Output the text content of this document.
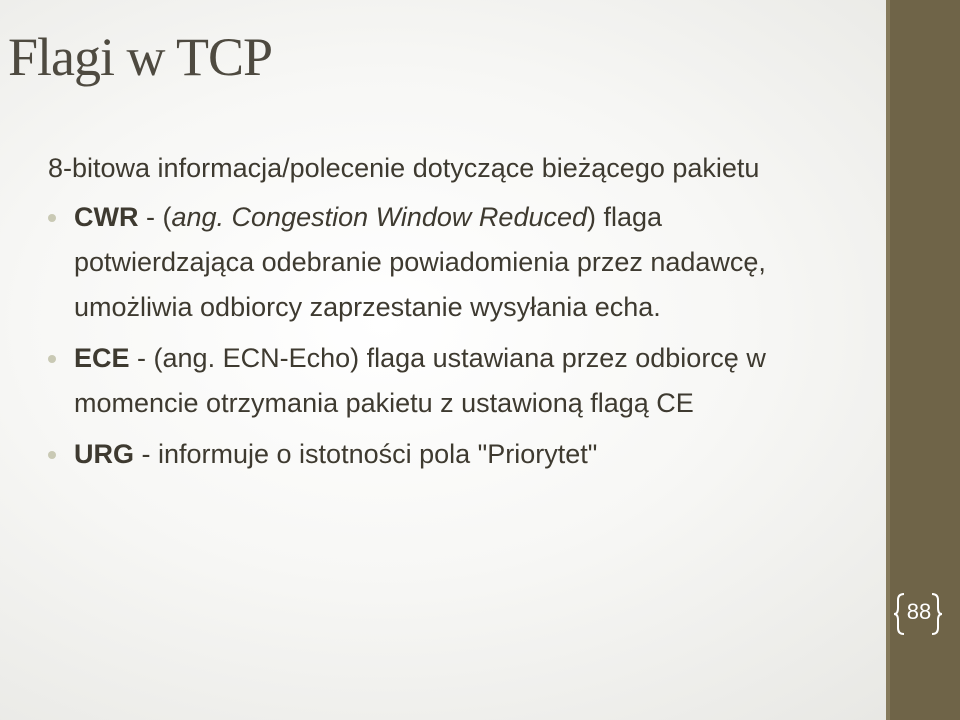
Flagi w TCP

8-bitowa informacja/polecenie dotyczące bieżącego pakietu

CWR - (ang. Congestion Window Reduced) flaga potwierdzająca odebranie powiadomienia przez nadawcę, umożliwia odbiorcy zaprzestanie wysyłania echa.
ECE - (ang. ECN-Echo) flaga ustawiana przez odbiorcę w momencie otrzymania pakietu z ustawioną flagą CE
URG - informuje o istotności pola "Priorytet"
88
